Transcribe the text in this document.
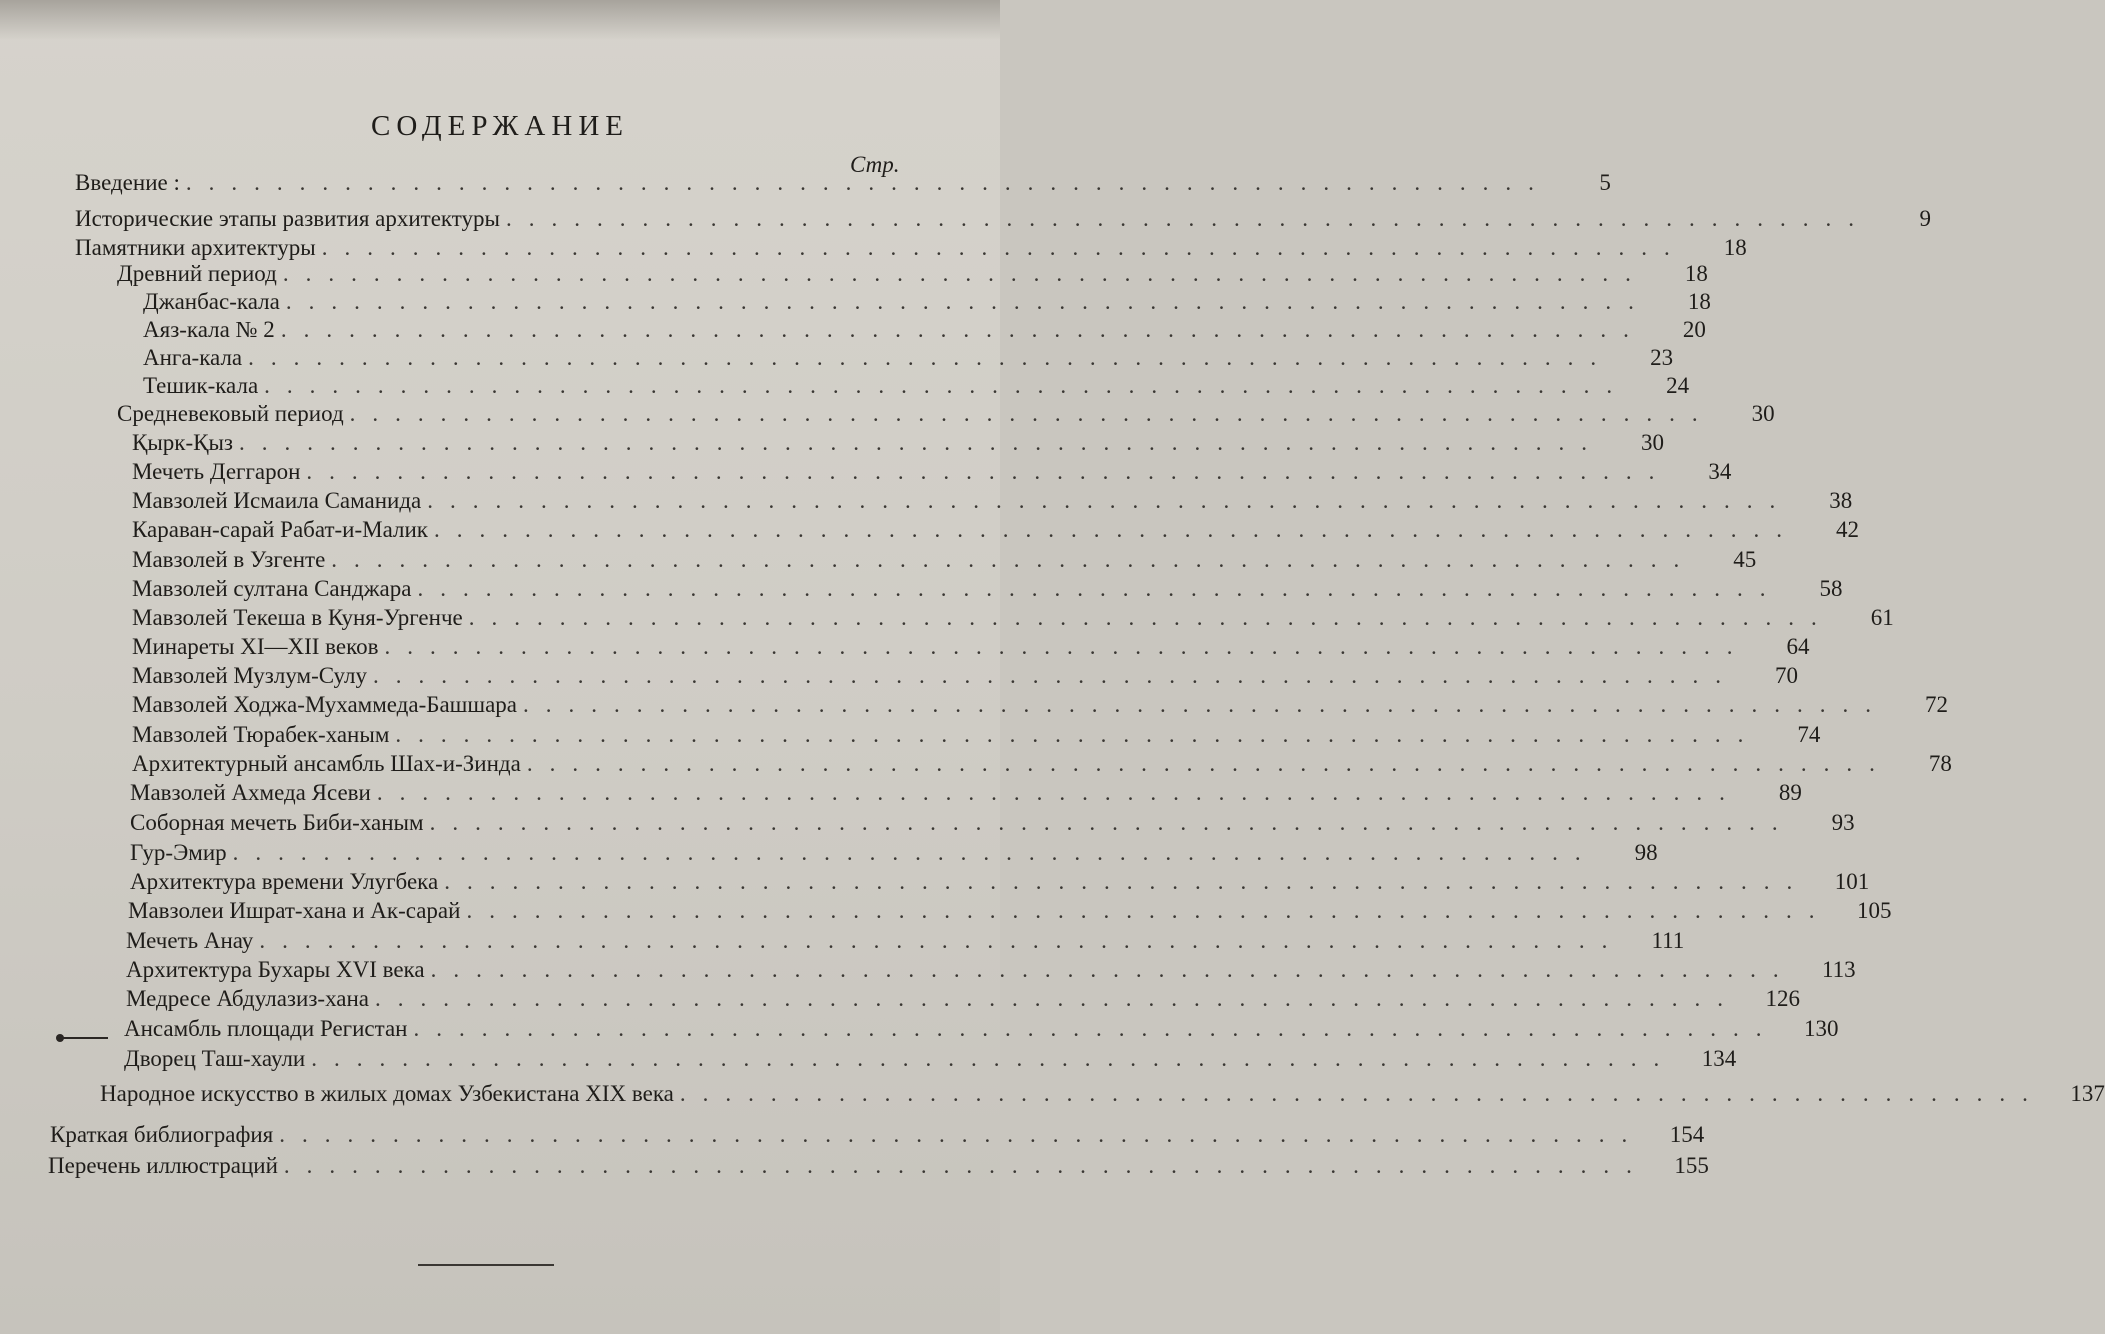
СОДЕРЖАНИЕ
Стр.
Введение : ............................................................	5
Исторические этапы развития архитектуры ............................................................	9
Памятники архитектуры ............................................................	18
Древний период ............................................................	18
Джанбас-кала ............................................................	18
Аяз-кала № 2 ............................................................	20
Анга-кала ............................................................	23
Тешик-кала ............................................................	24
Средневековый период ............................................................	30
Қырк-Қыз ............................................................	30
Мечеть Деггарон ............................................................	34
Мавзолей Исмаила Саманида ............................................................	38
Караван-сарай Рабат-и-Малик ............................................................	42
Мавзолей в Узгенте ............................................................	45
Мавзолей султана Санджара ............................................................	58
Мавзолей Текеша в Куня-Ургенче ............................................................	61
Минареты XI—XII веков ............................................................	64
Мавзолей Музлум-Сулу ............................................................	70
Мавзолей Ходжа-Мухаммеда-Башшара ............................................................	72
Мавзолей Тюрабек-ханым ............................................................	74
Архитектурный ансамбль Шах-и-Зинда ............................................................	78
Мавзолей Ахмеда Ясеви ............................................................	89
Соборная мечеть Биби-ханым ............................................................	93
Гур-Эмир ............................................................	98
Архитектура времени Улугбека ............................................................	101
Мавзолеи Ишрат-хана и Ак-сарай ............................................................	105
Мечеть Анау ............................................................	111
Архитектура Бухары XVI века ............................................................	113
Медресе Абдулазиз-хана ............................................................	126
Ансамбль площади Регистан ............................................................	130
Дворец Таш-хаули ............................................................	134
Народное искусство в жилых домах Узбекистана XIX века ............................................................	137
Краткая библиография ............................................................	154
Перечень иллюстраций ............................................................	155
